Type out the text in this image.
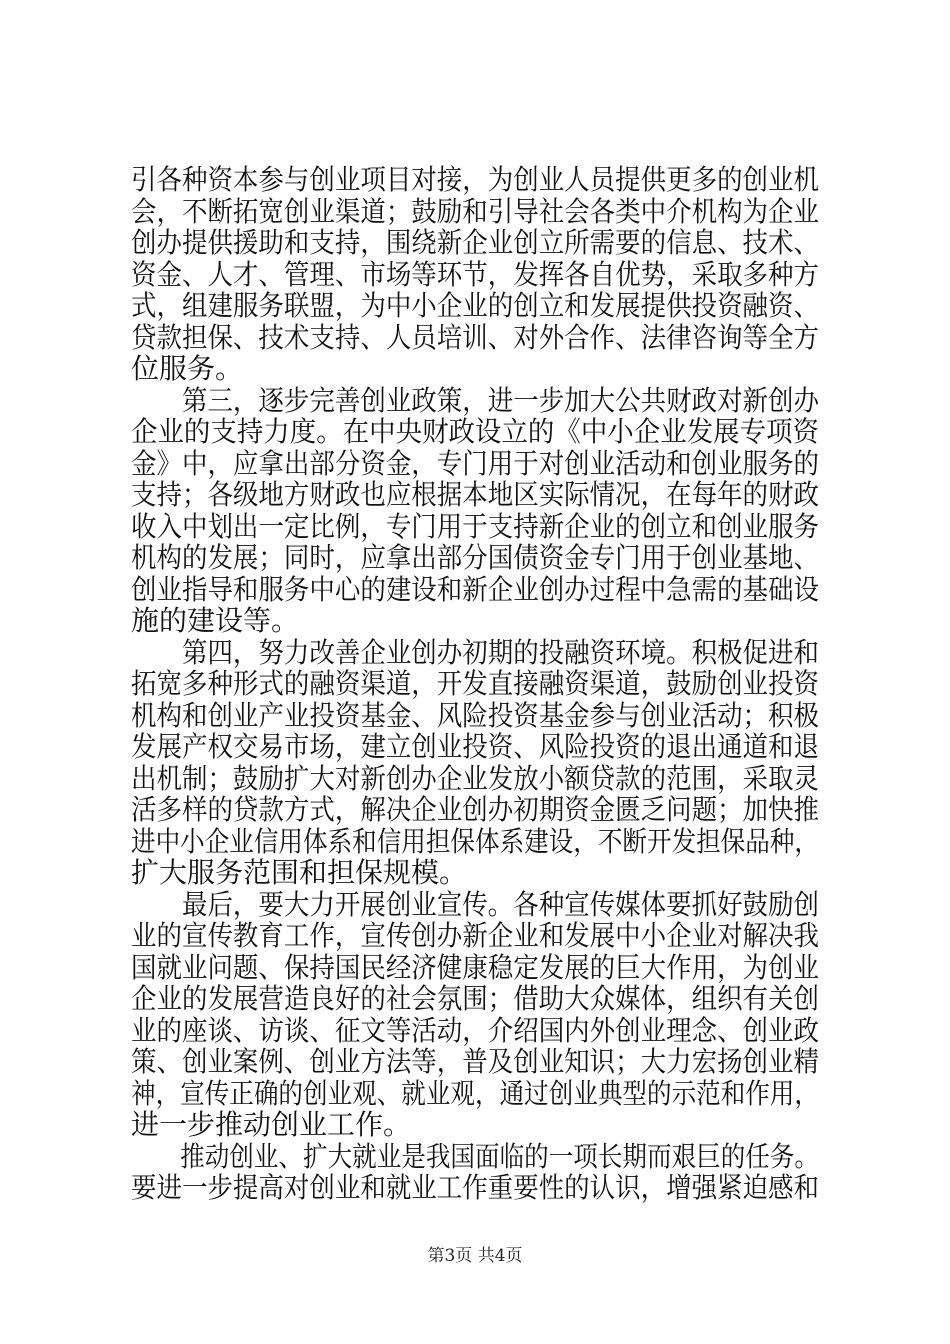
引各种资本参与创业项目对接，为创业人员提供更多的创业机
会，不断拓宽创业渠道；鼓励和引导社会各类中介机构为企业
创办提供援助和支持，围绕新企业创立所需要的信息、技术、
资金、人才、管理、市场等环节，发挥各自优势，采取多种方
式，组建服务联盟，为中小企业的创立和发展提供投资融资、
贷款担保、技术支持、人员培训、对外合作、法律咨询等全方
位服务。
　　第三，逐步完善创业政策，进一步加大公共财政对新创办
企业的支持力度。在中央财政设立的《中小企业发展专项资
金》中，应拿出部分资金，专门用于对创业活动和创业服务的
支持；各级地方财政也应根据本地区实际情况，在每年的财政
收入中划出一定比例，专门用于支持新企业的创立和创业服务
机构的发展；同时，应拿出部分国债资金专门用于创业基地、
创业指导和服务中心的建设和新企业创办过程中急需的基础设
施的建设等。
　　第四，努力改善企业创办初期的投融资环境。积极促进和
拓宽多种形式的融资渠道，开发直接融资渠道，鼓励创业投资
机构和创业产业投资基金、风险投资基金参与创业活动；积极
发展产权交易市场，建立创业投资、风险投资的退出通道和退
出机制；鼓励扩大对新创办企业发放小额贷款的范围，采取灵
活多样的贷款方式，解决企业创办初期资金匮乏问题；加快推
进中小企业信用体系和信用担保体系建设，不断开发担保品种，
扩大服务范围和担保规模。
　　最后，要大力开展创业宣传。各种宣传媒体要抓好鼓励创
业的宣传教育工作，宣传创办新企业和发展中小企业对解决我
国就业问题、保持国民经济健康稳定发展的巨大作用，为创业
企业的发展营造良好的社会氛围；借助大众媒体，组织有关创
业的座谈、访谈、征文等活动，介绍国内外创业理念、创业政
策、创业案例、创业方法等，普及创业知识；大力宏扬创业精
神，宣传正确的创业观、就业观，通过创业典型的示范和作用，
进一步推动创业工作。
　　推动创业、扩大就业是我国面临的一项长期而艰巨的任务。
要进一步提高对创业和就业工作重要性的认识，增强紧迫感和
第3页 共4页
